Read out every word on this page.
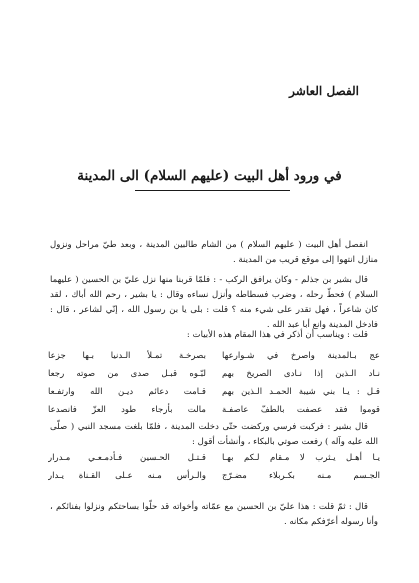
الفصل العاشر
في ورود أهل البيت (عليهم السلام) الى المدينة

انفصل أهل البيت ( عليهم السلام ) من الشام طالبين المدينة ، وبعد طيّ مراحل ونزول منازل انتهوا إلى موقع قريب من المدينة .

قال بشير بن جذلم - وكان يرافق الركب - : فلمّا قربنا منها نزل عليّ بن الحسين ( عليهما السلام ) فحطّ رحله ، وضرب فسطاطه وأنزل نساءه وقال : يا بشير ، رحم الله أباك ، لقد كان شاعراً ، فهل تقدر على شيء منه ؟ قلت : بلى يا بن رسول الله ، إنّي لشاعر ، قال : فادخل المدينة وانع أبا عبد الله .

قلت : ويناسب أن أذكر في هذا المقام هذه الأبيات :

عج بـالمدينة واصرخ في شـوارعها
بصرخـة تمـلأ الـدنيا بـها جزعا
نـاد الـذين إذا نـادى الصريخ بهم
لبّـوه قبـل صدى من صوته رجعا
قـل : يـا بني شيبة الحمـد الـذين بهم
قـامت دعائم ديـن الله وارتفـعا
قوموا فقد عصفت بالطفّ عاصفـة
مالت بأرجاء طود العزّ فانصدعا

قال بشير : فركبت فرسي وركضت حتّى دخلت المدينة ، فلمّا بلغت مسجد النبي ( صلّى الله عليه وآله ) رفعت صوتي بالبكاء ، وأنشأت أقول :

يـا أهـل يـثرب لا مـقام لـكم بهـا
قـتـل الحـسين فـأدمـعـي مـدرار
الجـسم مـنه بكـربلاء مضـرّج
والـرأس مـنه عـلى القـناة يـدار

قال : ثمّ قلت : هذا عليّ بن الحسين مع عمّاته وأخواته قد حلّوا بساحتكم ونزلوا بفنائكم ، وأنا رسوله أعرّفكم مكانه .
